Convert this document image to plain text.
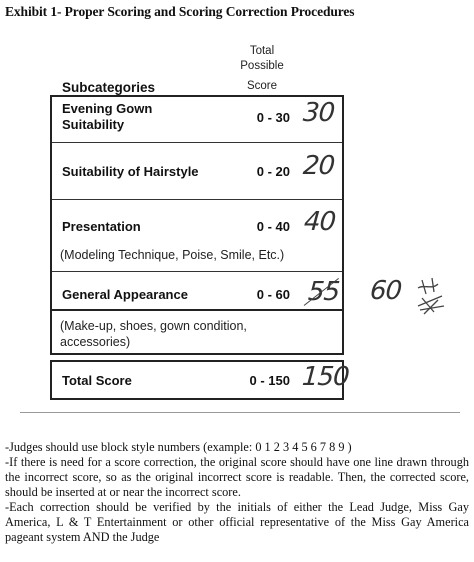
Exhibit 1- Proper Scoring and Scoring Correction Procedures
Total
Possible
Score
Subcategories
Evening Gown
Suitability	0 - 30 30
Suitability of Hairstyle	0 - 20 20
Presentation	0 - 40 40
(Modeling Technique, Poise, Smile, Etc.)
General Appearance	0 - 60 55 60
(Make-up, shoes, gown condition,
accessories)
Total Score	0 - 150 150

-Judges should use block style numbers (example: 0 1 2 3 4 5 6 7 8 9 )

-If there is need for a score correction, the original score should have one line drawn through the incorrect score, so as the original incorrect score is readable. Then, the corrected score, should be inserted at or near the incorrect score.

-Each correction should be verified by the initials of either the Lead Judge, Miss Gay America, L & T Entertainment or other official representative of the Miss Gay America pageant system AND the Judge
